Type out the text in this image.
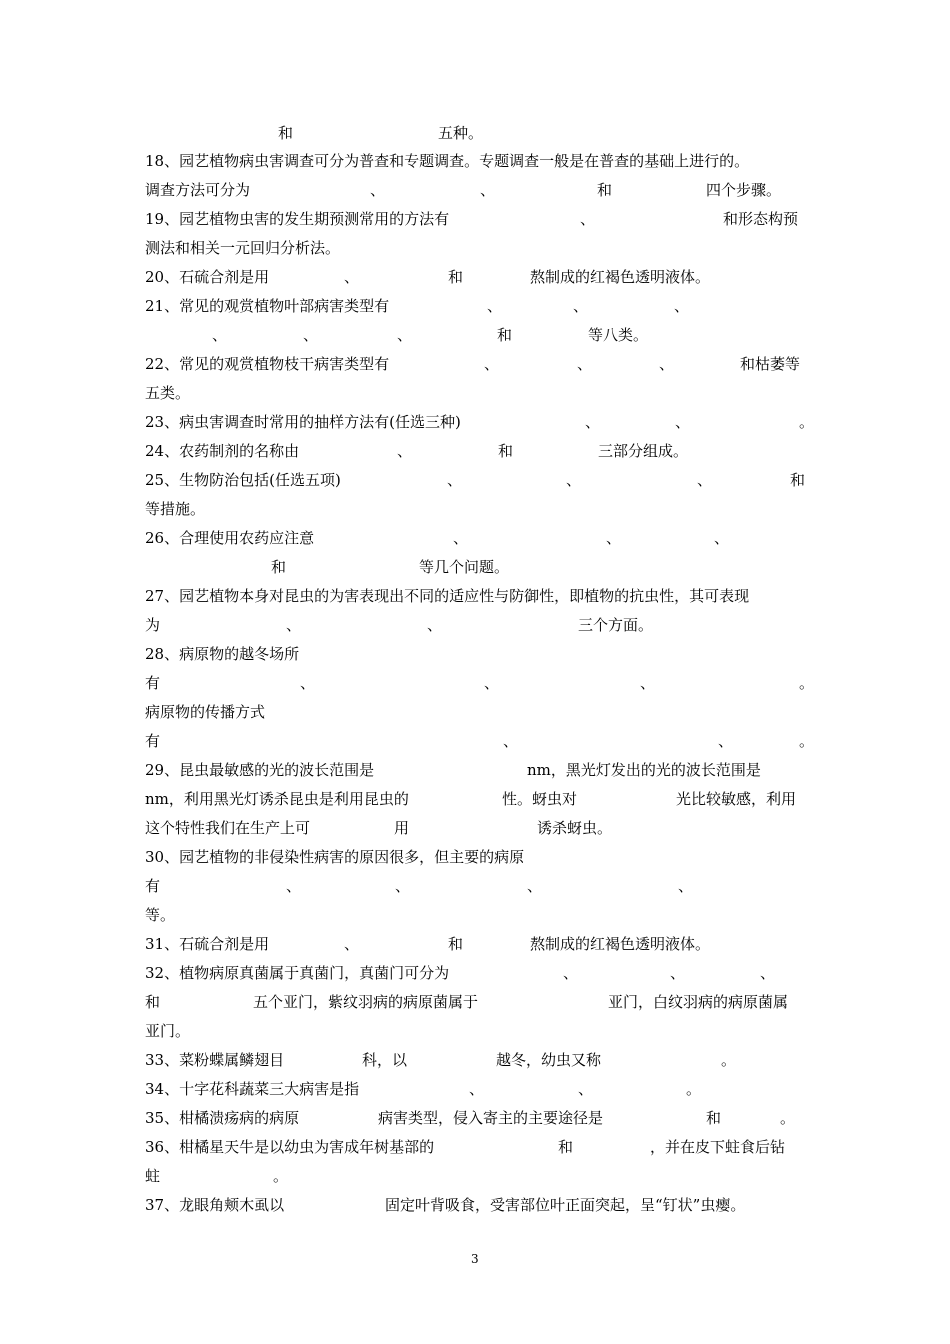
和	五种。
18、园艺植物病虫害调查可分为普查和专题调查。专题调查一般是在普查的基础上进行的。
调查方法可分为	、	、	和	四个步骤。
19、园艺植物虫害的发生期预测常用的方法有	、	和形态构预
测法和相关一元回归分析法。
20、石硫合剂是用	、	和	熬制成的红褐色透明液体。
21、常见的观赏植物叶部病害类型有	、	、	、
、	、	、	和	等八类。
22、常见的观赏植物枝干病害类型有	、	、	、	和枯萎等
五类。
23、病虫害调查时常用的抽样方法有(任选三种)	、	、	。
24、农药制剂的名称由	、	和	三部分组成。
25、生物防治包括(任选五项)	、	、	、	和
等措施。
26、合理使用农药应注意	、	、	、
和	等几个问题。
27、园艺植物本身对昆虫的为害表现出不同的适应性与防御性，即植物的抗虫性，其可表现
为	、	、	三个方面。
28、病原物的越冬场所
有	、	、	、	。
病原物的传播方式
有	、	、	。
29、昆虫最敏感的光的波长范围是	nm，黑光灯发出的光的波长范围是
nm，利用黑光灯诱杀昆虫是利用昆虫的	性。蚜虫对	光比较敏感，利用
这个特性我们在生产上可	用	诱杀蚜虫。
30、园艺植物的非侵染性病害的原因很多，但主要的病原
有	、	、	、	、
等。
31、石硫合剂是用	、	和	熬制成的红褐色透明液体。
32、植物病原真菌属于真菌门，真菌门可分为	、	、	、
和	五个亚门，紫纹羽病的病原菌属于	亚门，白纹羽病的病原菌属
亚门。
33、菜粉蝶属鳞翅目	科，以	越冬，幼虫又称	。
34、十字花科蔬菜三大病害是指	、	、	。
35、柑橘溃疡病的病原	病害类型，侵入寄主的主要途径是	和	。
36、柑橘星天牛是以幼虫为害成年树基部的	和	，并在皮下蛀食后钻
蛀	。
37、龙眼角颊木虱以	固定叶背吸食，受害部位叶正面突起，呈“钉状”虫瘿。
3
